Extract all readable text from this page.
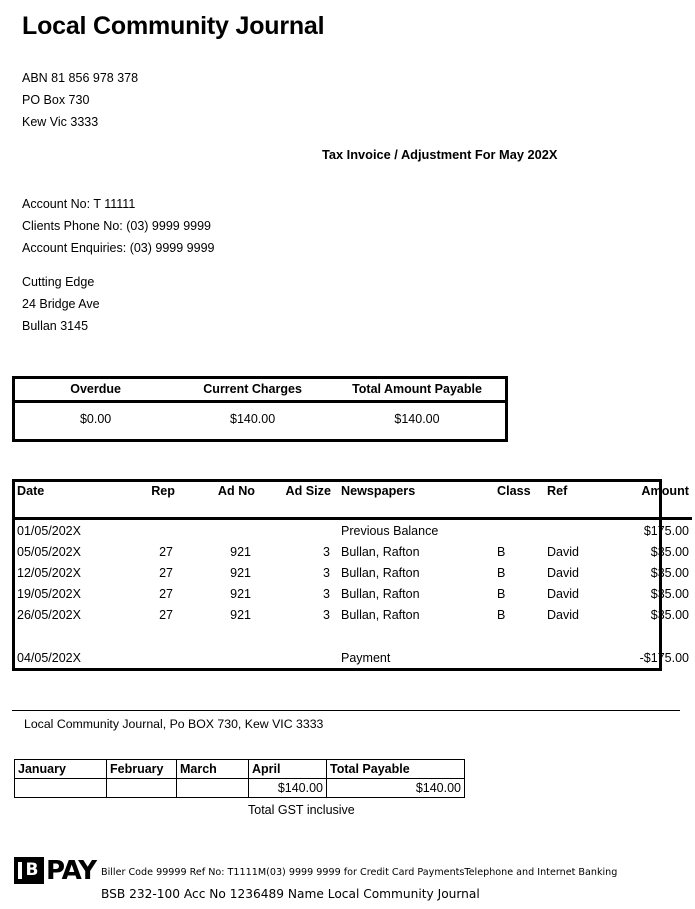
Local Community Journal
ABN 81 856 978 378
PO Box 730
Kew Vic 3333
Tax Invoice / Adjustment For May 202X
Account No: T 11111
Clients Phone No: (03) 9999 9999
Account Enquiries: (03) 9999 9999
Cutting Edge
24 Bridge Ave
Bullan 3145
Overdue	Current Charges	Total Amount Payable
$0.00	$140.00	$140.00
Date	Rep	Ad No	Ad Size	Newspapers	Class	Ref	Amount
01/05/202X				Previous Balance			$175.00
05/05/202X	27	921	3	Bullan, Rafton	B	David	$35.00
12/05/202X	27	921	3	Bullan, Rafton	B	David	$35.00
19/05/202X	27	921	3	Bullan, Rafton	B	David	$35.00
26/05/202X	27	921	3	Bullan, Rafton	B	David	$35.00

04/05/202X				Payment			-$175.00
Local Community Journal, Po BOX 730, Kew VIC 3333
January	February	March	April	Total Payable
			$140.00	$140.00
Total GST inclusive
B PAY Biller Code 99999 Ref No: T1111M(03) 9999 9999 for Credit Card PaymentsTelephone and Internet Banking
BSB 232-100 Acc No 1236489 Name Local Community Journal
